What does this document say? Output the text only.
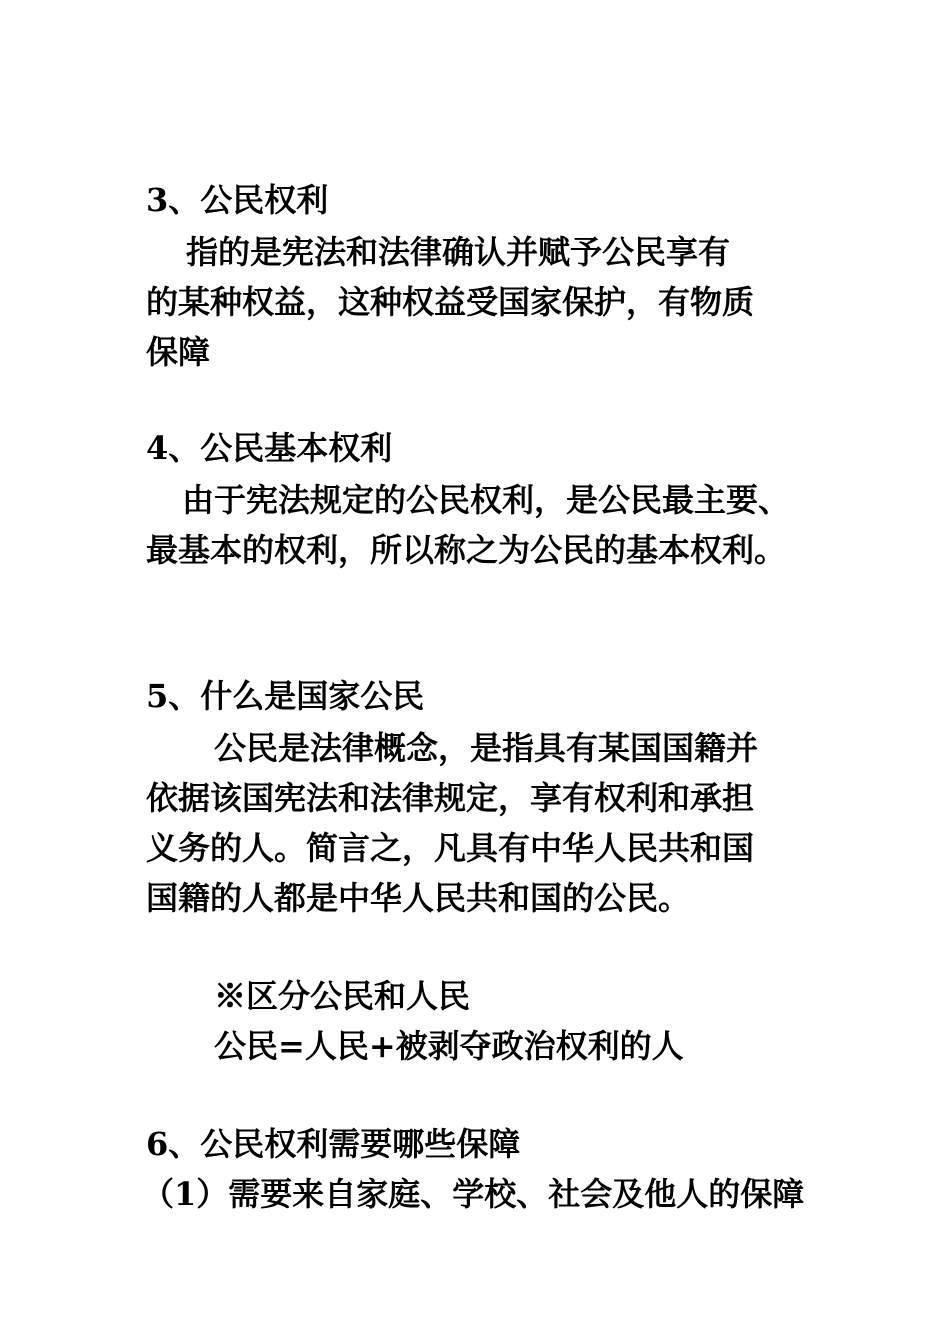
3、公民权利
指的是宪法和法律确认并赋予公民享有
的某种权益，这种权益受国家保护，有物质
保障
4、公民基本权利
由于宪法规定的公民权利，是公民最主要、
最基本的权利，所以称之为公民的基本权利。
5、什么是国家公民
公民是法律概念，是指具有某国国籍并
依据该国宪法和法律规定，享有权利和承担
义务的人。简言之，凡具有中华人民共和国
国籍的人都是中华人民共和国的公民。
※区分公民和人民
公民=人民+被剥夺政治权利的人
6、公民权利需要哪些保障
（1）需要来自家庭、学校、社会及他人的保障
